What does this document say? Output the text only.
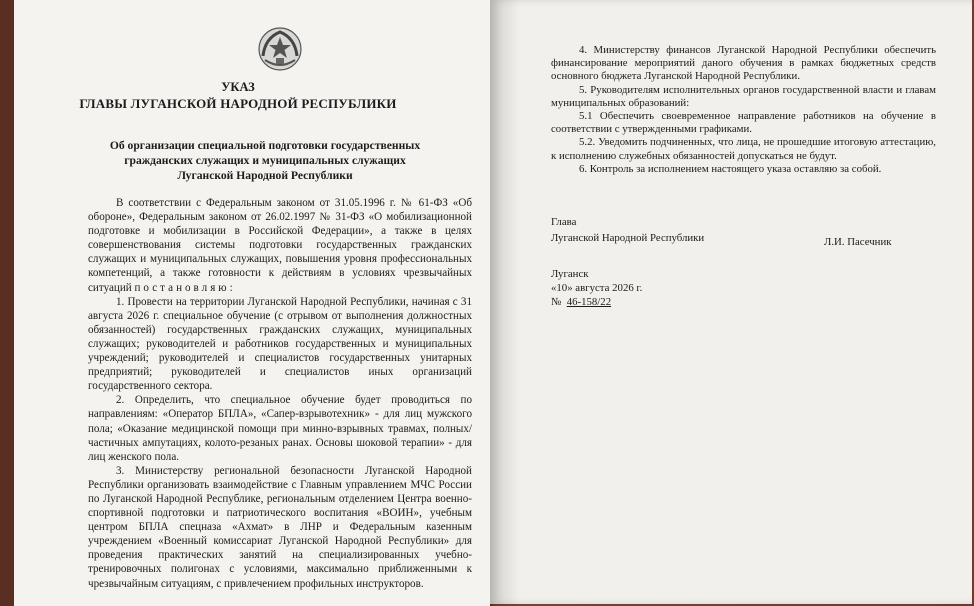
УКАЗ
ГЛАВЫ ЛУГАНСКОЙ НАРОДНОЙ РЕСПУБЛИКИ
Об организации специальной подготовки государственных гражданских служащих и муниципальных служащих Луганской Народной Республики

В соответствии с Федеральным законом от 31.05.1996 г. № 61-ФЗ «Об обороне», Федеральным законом от 26.02.1997 № 31-ФЗ «О мобилизационной подготовке и мобилизации в Российской Федерации», а также в целях совершенствования системы подготовки государственных гражданских служащих и муниципальных служащих, повышения уровня профессиональных компетенций, а также готовности к действиям в условиях чрезвычайных ситуаций постановляю:

1. Провести на территории Луганской Народной Республики, начиная с 31 августа 2026 г. специальное обучение (с отрывом от выполнения должностных обязанностей) государственных гражданских служащих, муниципальных служащих; руководителей и работников государственных и муниципальных учреждений; руководителей и специалистов государственных унитарных предприятий; руководителей и специалистов иных организаций государственного сектора.

2. Определить, что специальное обучение будет проводиться по направлениям: «Оператор БПЛА», «Сапер-взрывотехник» - для лиц мужского пола; «Оказание медицинской помощи при минно-взрывных травмах, полных/частичных ампутациях, колото-резаных ранах. Основы шоковой терапии» - для лиц женского пола.

3. Министерству региональной безопасности Луганской Народной Республики организовать взаимодействие с Главным управлением МЧС России по Луганской Народной Республике, региональным отделением Центра военно-спортивной подготовки и патриотического воспитания «ВОИН», учебным центром БПЛА спецназа «Ахмат» в ЛНР и Федеральным казенным учреждением «Военный комиссариат Луганской Народной Республики» для проведения практических занятий на специализированных учебно-тренировочных полигонах с условиями, максимально приближенными к чрезвычайным ситуациям, с привлечением профильных инструкторов.

4. Министерству финансов Луганской Народной Республики обеспечить финансирование мероприятий даного обучения в рамках бюджетных средств основного бюджета Луганской Народной Республики.

5. Руководителям исполнительных органов государственной власти и главам муниципальных образований:

5.1 Обеспечить своевременное направление работников на обучение в соответствии с утвержденными графиками.

5.2. Уведомить подчиненных, что лица, не прошедшие итоговую аттестацию, к исполнению служебных обязанностей допускаться не будут.

6. Контроль за исполнением настоящего указа оставляю за собой.

Глава
Луганской Народной Республики	Л.И. Пасечник
Луганск
«10» августа 2026 г.
№ 46-158/22
